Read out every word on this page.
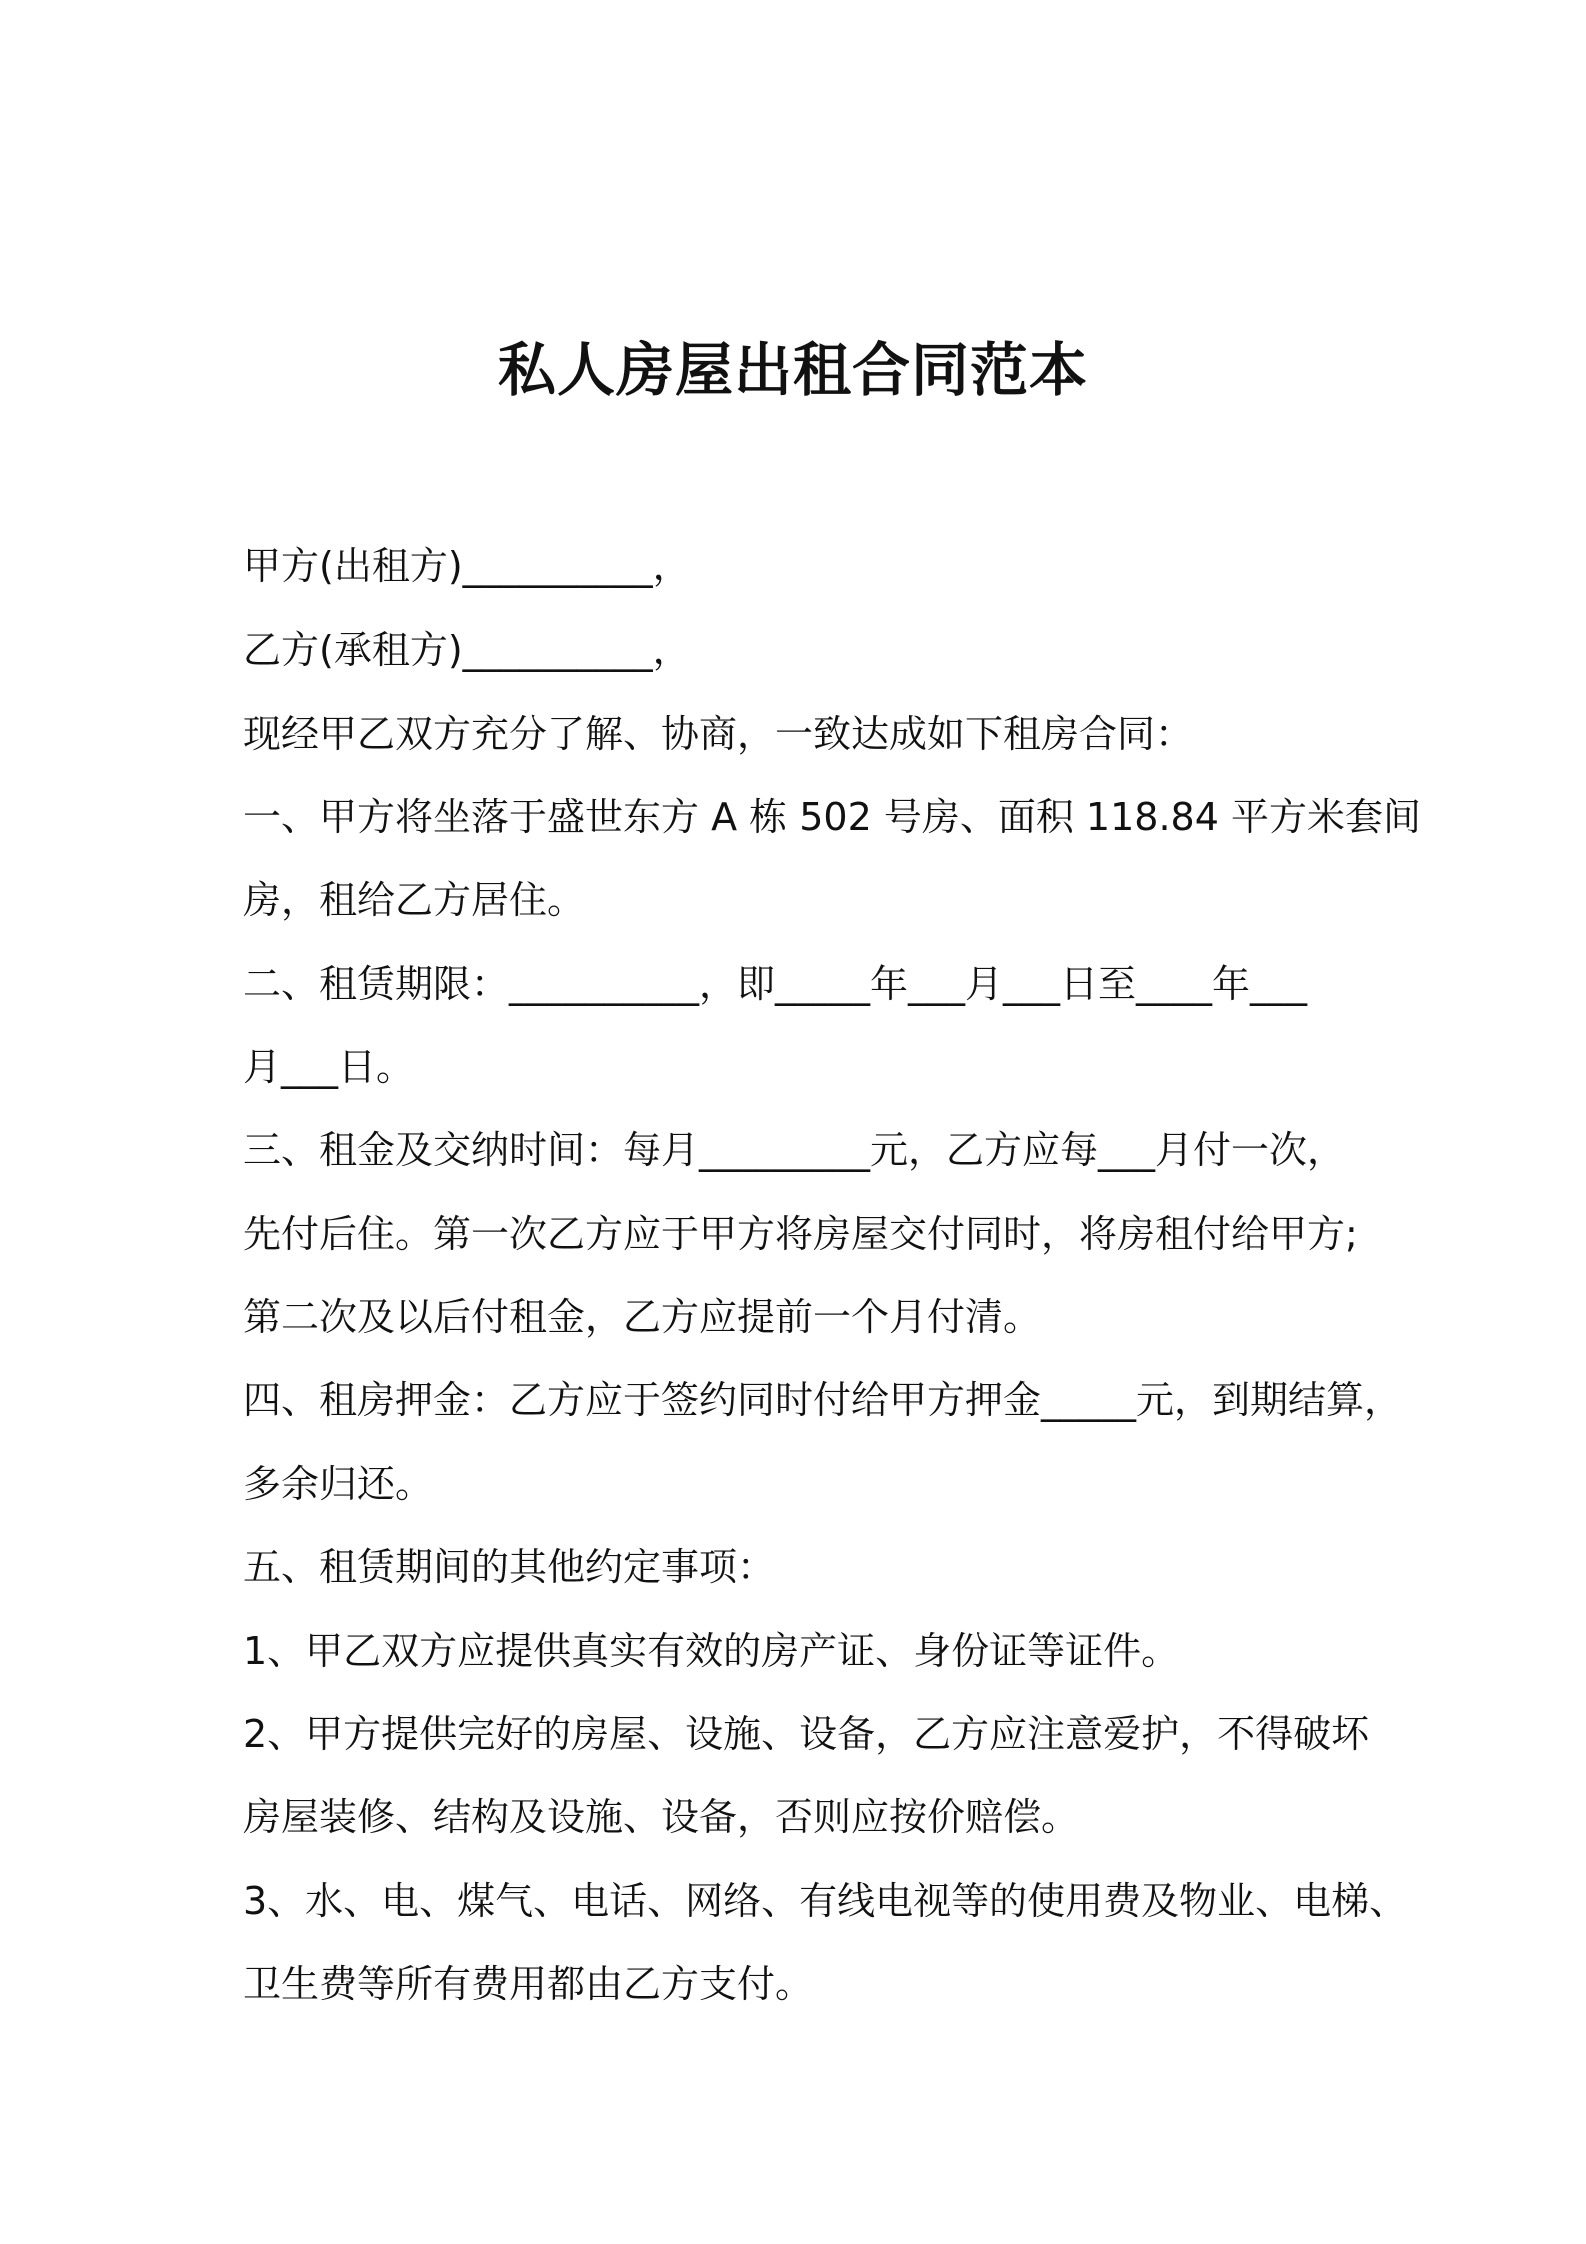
私人房屋出租合同范本
甲方(出租方)__________，
乙方(承租方)__________，
现经甲乙双方充分了解、协商，一致达成如下租房合同：
一、甲方将坐落于盛世东方 A 栋 502 号房、面积 118.84 平方米套间
房，租给乙方居住。
二、租赁期限：__________，即_____年___月___日至____年___
月___日。
三、租金及交纳时间：每月_________元，乙方应每___月付一次，
先付后住。第一次乙方应于甲方将房屋交付同时，将房租付给甲方;
第二次及以后付租金，乙方应提前一个月付清。
四、租房押金：乙方应于签约同时付给甲方押金_____元，到期结算，
多余归还。
五、租赁期间的其他约定事项：
1、甲乙双方应提供真实有效的房产证、身份证等证件。
2、甲方提供完好的房屋、设施、设备，乙方应注意爱护，不得破坏
房屋装修、结构及设施、设备，否则应按价赔偿。
3、水、电、煤气、电话、网络、有线电视等的使用费及物业、电梯、
卫生费等所有费用都由乙方支付。
